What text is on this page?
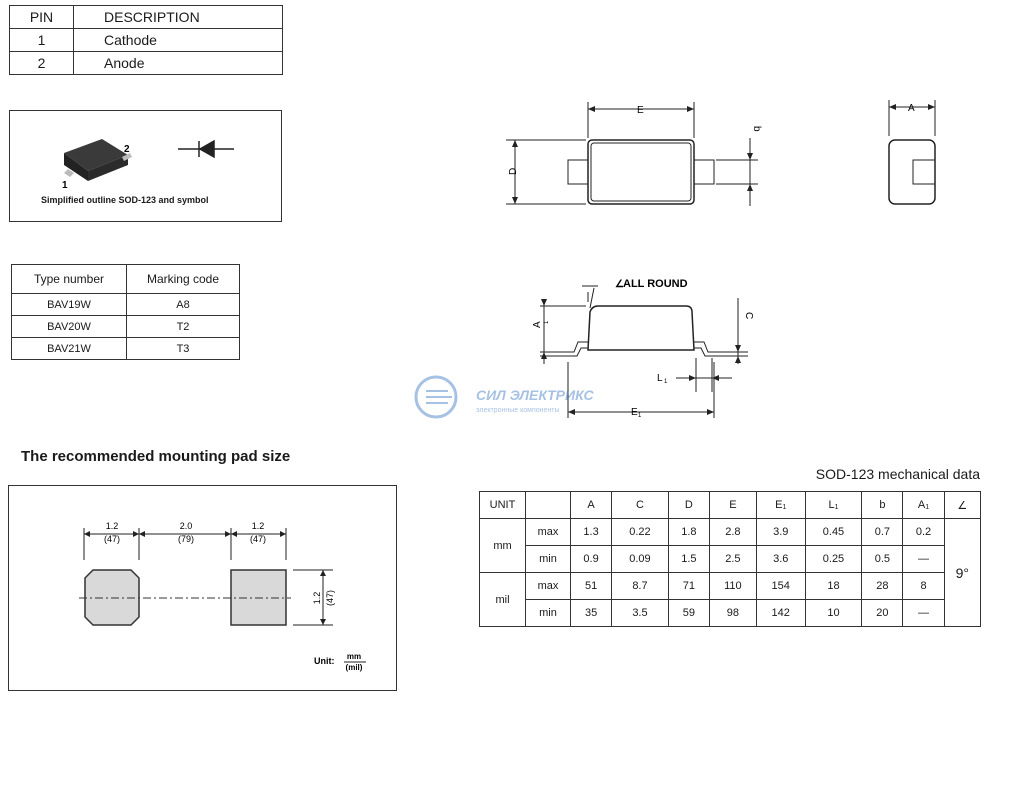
PIN	DESCRIPTION
1	Cathode
2	Anode
2
1
Simplified outline SOD-123 and symbol
Type number	Marking code
BAV19W	A8
BAV20W	T2
BAV21W	T3
E
D
b
A
∠ ALL ROUND
A 1
C
L 1
E 1
СИЛ ЭЛЕКТРИКС
электронные компоненты
The recommended mounting pad size
1.2
(47)
2.0
(79)
1.2
(47)
1.2 (47)
Unit: mm
(mil)
SOD-123 mechanical data
UNIT		A	C	D	E	$E_1$	$L_1$	b	$A_1$	∠
mm	max	1.3	0.22	1.8	2.8	3.9	0.45	0.7	0.2	9°
	min	0.9	0.09	1.5	2.5	3.6	0.25	0.5	—	
mil	max	51	8.7	71	110	154	18	28	8	
	min	35	3.5	59	98	142	10	20	—	
